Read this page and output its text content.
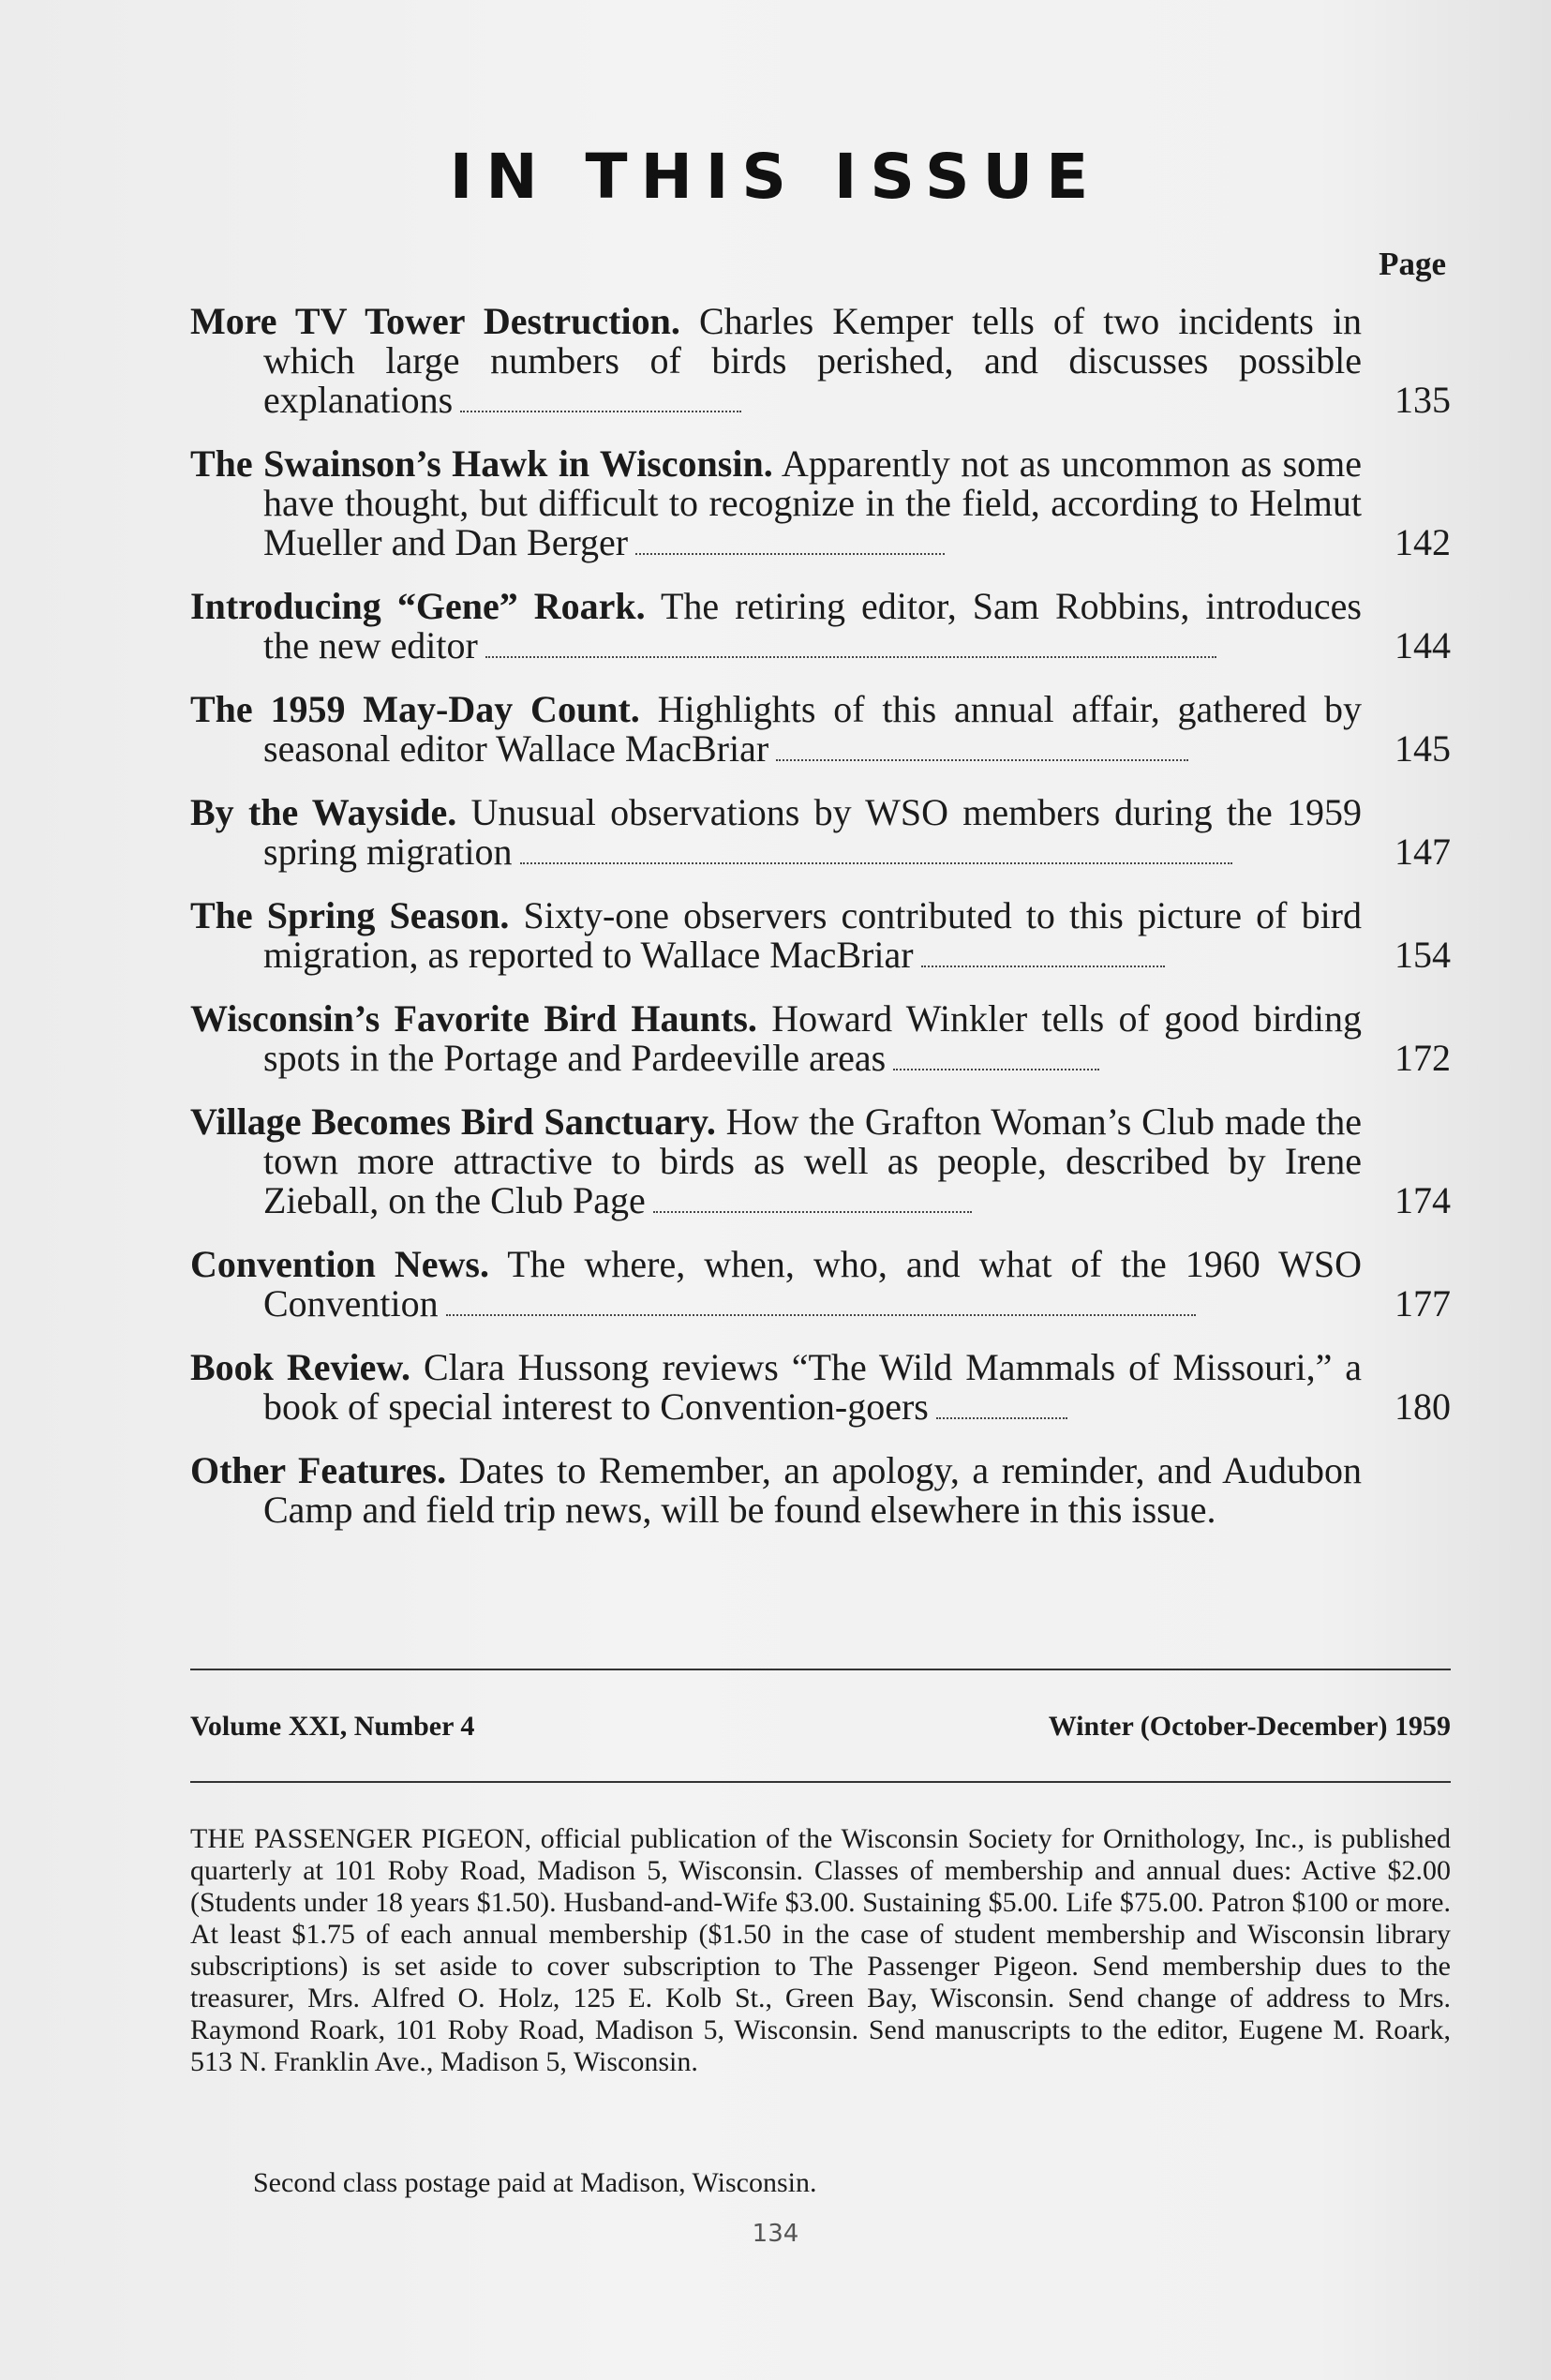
IN THIS ISSUE
Page
More TV Tower Destruction. Charles Kemper tells of two incidents in which large numbers of birds perished, and discusses possible explanations	135
The Swainson’s Hawk in Wisconsin. Apparently not as uncommon as some have thought, but difficult to recognize in the field, according to Helmut Mueller and Dan Berger	142
Introducing “Gene” Roark. The retiring editor, Sam Robbins, introduces the new editor	144
The 1959 May-Day Count. Highlights of this annual affair, gathered by seasonal editor Wallace MacBriar	145
By the Wayside. Unusual observations by WSO members during the 1959 spring migration	147
The Spring Season. Sixty-one observers contributed to this picture of bird migration, as reported to Wallace MacBriar	154
Wisconsin’s Favorite Bird Haunts. Howard Winkler tells of good birding spots in the Portage and Pardeeville areas	172
Village Becomes Bird Sanctuary. How the Grafton Woman’s Club made the town more attractive to birds as well as people, described by Irene Zieball, on the Club Page	174
Convention News. The where, when, who, and what of the 1960 WSO Convention	177
Book Review. Clara Hussong reviews “The Wild Mammals of Missouri,” a book of special interest to Convention-goers	180
Other Features. Dates to Remember, an apology, a reminder, and Audubon Camp and field trip news, will be found elsewhere in this issue.
Volume XXI, Number 4	Winter (October-December) 1959
THE PASSENGER PIGEON, official publication of the Wisconsin Society for Ornithology, Inc., is published quarterly at 101 Roby Road, Madison 5, Wisconsin. Classes of membership and annual dues: Active $2.00 (Students under 18 years $1.50). Husband-and-Wife $3.00. Sustaining $5.00. Life $75.00. Patron $100 or more. At least $1.75 of each annual membership ($1.50 in the case of student membership and Wisconsin library subscriptions) is set aside to cover subscription to The Passenger Pigeon. Send membership dues to the treasurer, Mrs. Alfred O. Holz, 125 E. Kolb St., Green Bay, Wisconsin. Send change of address to Mrs. Raymond Roark, 101 Roby Road, Madison 5, Wisconsin. Send manuscripts to the editor, Eugene M. Roark, 513 N. Franklin Ave., Madison 5, Wisconsin.
Second class postage paid at Madison, Wisconsin.
134
